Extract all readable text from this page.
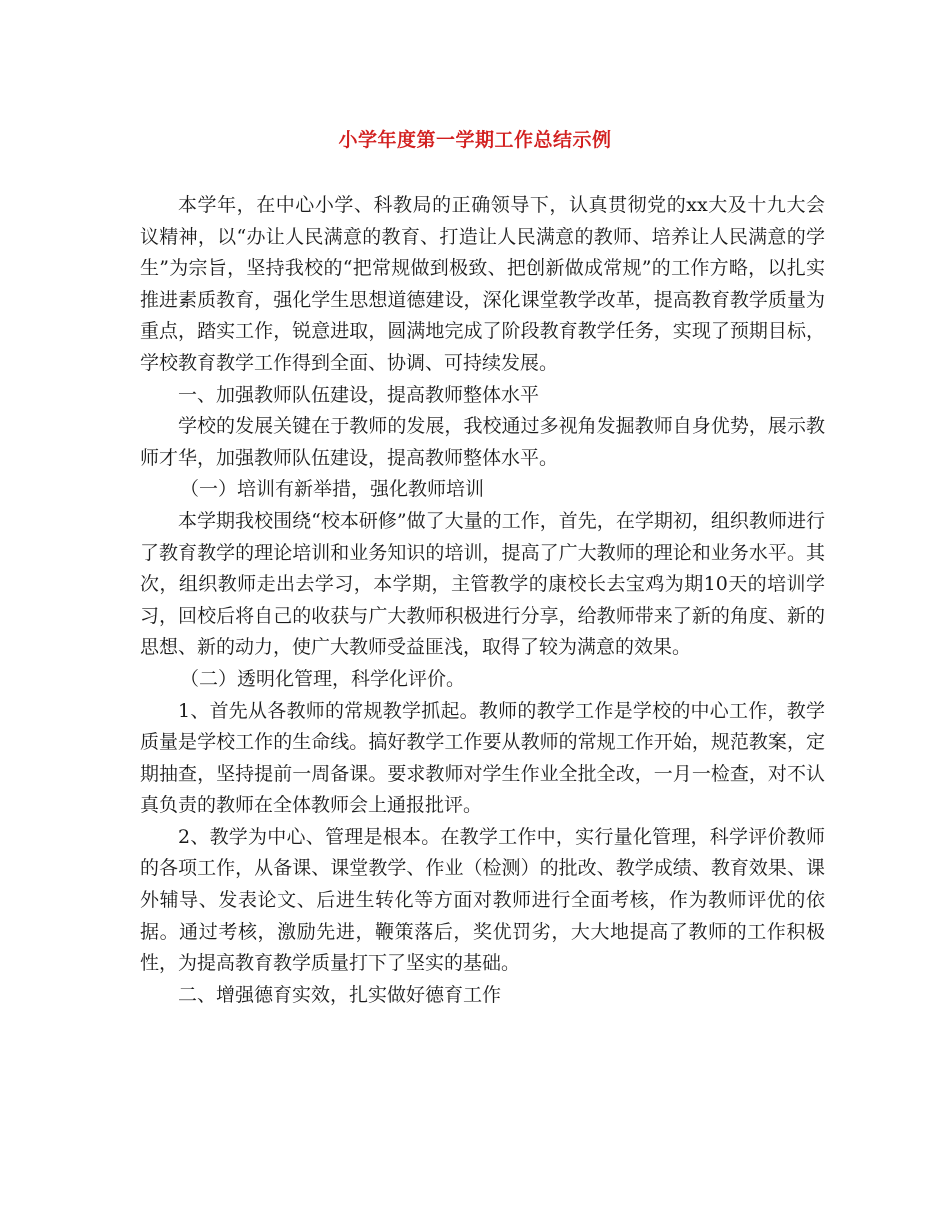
小学年度第一学期工作总结示例

本学年，在中心小学、科教局的正确领导下，认真贯彻党的xx大及十九大会议精神，以“办让人民满意的教育、打造让人民满意的教师、培养让人民满意的学生”为宗旨，坚持我校的“把常规做到极致、把创新做成常规”的工作方略，以扎实推进素质教育，强化学生思想道德建设，深化课堂教学改革，提高教育教学质量为重点，踏实工作，锐意进取，圆满地完成了阶段教育教学任务，实现了预期目标，学校教育教学工作得到全面、协调、可持续发展。

一、加强教师队伍建设，提高教师整体水平

学校的发展关键在于教师的发展，我校通过多视角发掘教师自身优势，展示教师才华，加强教师队伍建设，提高教师整体水平。

（一）培训有新举措，强化教师培训

本学期我校围绕“校本研修”做了大量的工作，首先，在学期初，组织教师进行了教育教学的理论培训和业务知识的培训，提高了广大教师的理论和业务水平。其次，组织教师走出去学习，本学期，主管教学的康校长去宝鸡为期10天的培训学习，回校后将自己的收获与广大教师积极进行分享，给教师带来了新的角度、新的思想、新的动力，使广大教师受益匪浅，取得了较为满意的效果。

（二）透明化管理，科学化评价。

1、首先从各教师的常规教学抓起。教师的教学工作是学校的中心工作，教学质量是学校工作的生命线。搞好教学工作要从教师的常规工作开始，规范教案，定期抽查，坚持提前一周备课。要求教师对学生作业全批全改，一月一检查，对不认真负责的教师在全体教师会上通报批评。

2、教学为中心、管理是根本。在教学工作中，实行量化管理，科学评价教师的各项工作，从备课、课堂教学、作业（检测）的批改、教学成绩、教育效果、课外辅导、发表论文、后进生转化等方面对教师进行全面考核，作为教师评优的依据。通过考核，激励先进，鞭策落后，奖优罚劣，大大地提高了教师的工作积极性，为提高教育教学质量打下了坚实的基础。

二、增强德育实效，扎实做好德育工作
